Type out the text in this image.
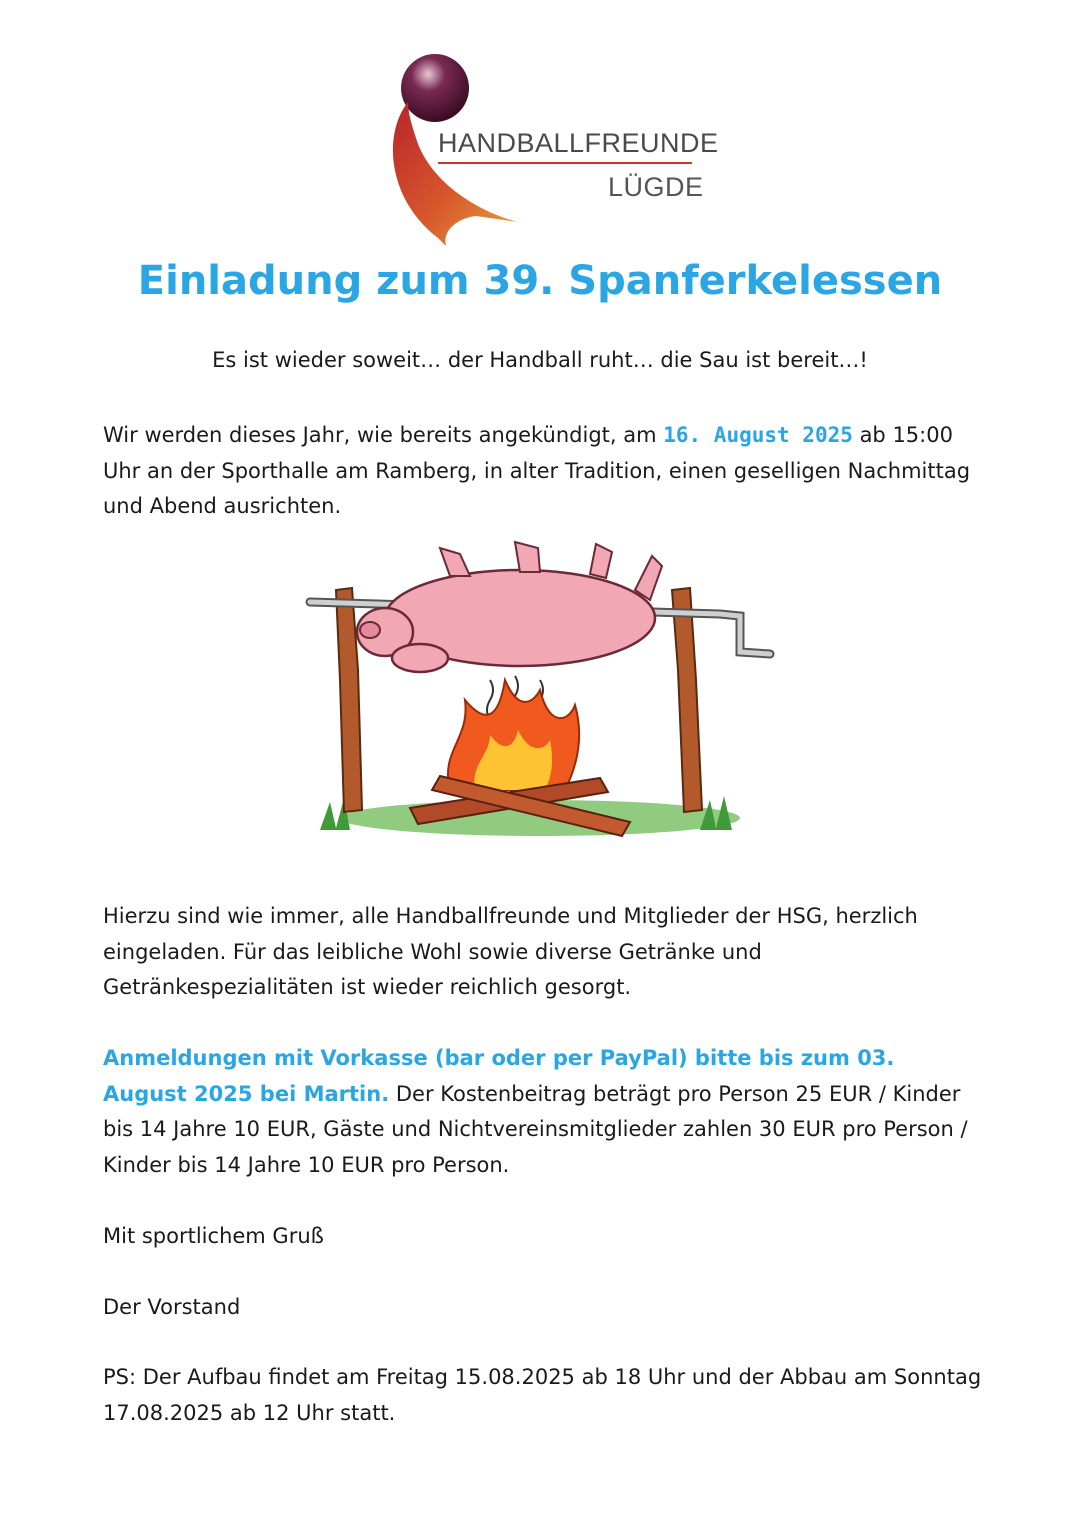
HANDBALLFREUNDE
LÜGDE
Einladung zum 39. Spanferkelessen
Es ist wieder soweit… der Handball ruht… die Sau ist bereit…!
Wir werden dieses Jahr, wie bereits angekündigt, am 16. August 2025 ab 15:00 Uhr an der Sporthalle am Ramberg, in alter Tradition, einen geselligen Nachmittag und Abend ausrichten.
Hierzu sind wie immer, alle Handballfreunde und Mitglieder der HSG, herzlich eingeladen. Für das leibliche Wohl sowie diverse Getränke und Getränkespezialitäten ist wieder reichlich gesorgt.
Anmeldungen mit Vorkasse (bar oder per PayPal) bitte bis zum 03. August 2025 bei Martin. Der Kostenbeitrag beträgt pro Person 25 EUR / Kinder bis 14 Jahre 10 EUR, Gäste und Nichtvereinsmitglieder zahlen 30 EUR pro Person / Kinder bis 14 Jahre 10 EUR pro Person.
Mit sportlichem Gruß
Der Vorstand
PS: Der Aufbau findet am Freitag 15.08.2025 ab 18 Uhr und der Abbau am Sonntag 17.08.2025 ab 12 Uhr statt.
